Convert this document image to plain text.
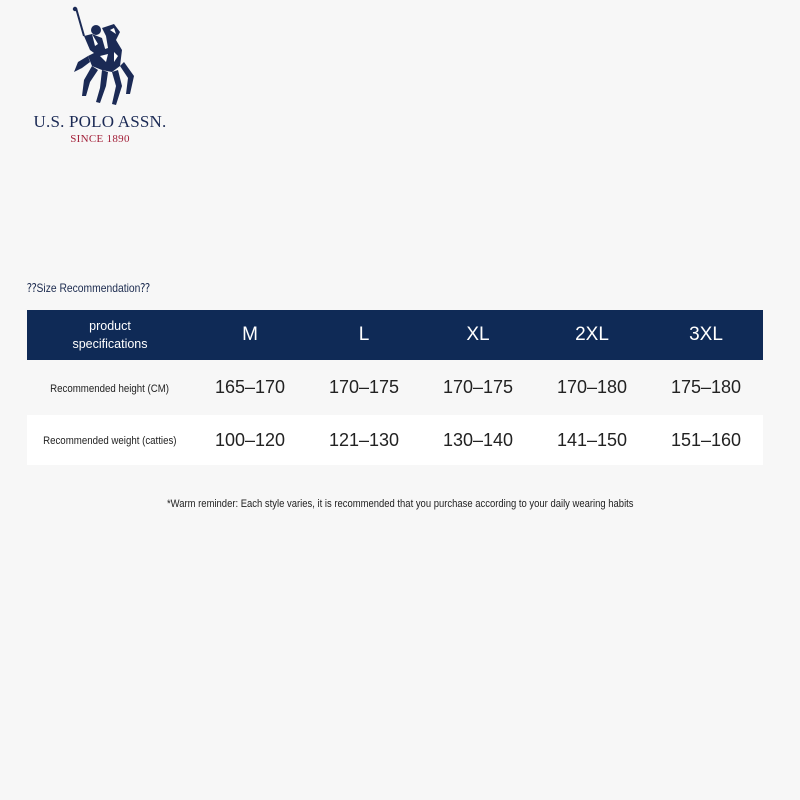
U.S. POLO ASSN.
SINCE 1890
⁇Size Recommendation⁇
product specifications	M	L	XL	2XL	3XL
Recommended height (CM)	165–170	170–175	170–175	170–180	175–180
Recommended weight (catties)	100–120	121–130	130–140	141–150	151–160
*Warm reminder: Each style varies, it is recommended that you purchase according to your daily wearing habits
